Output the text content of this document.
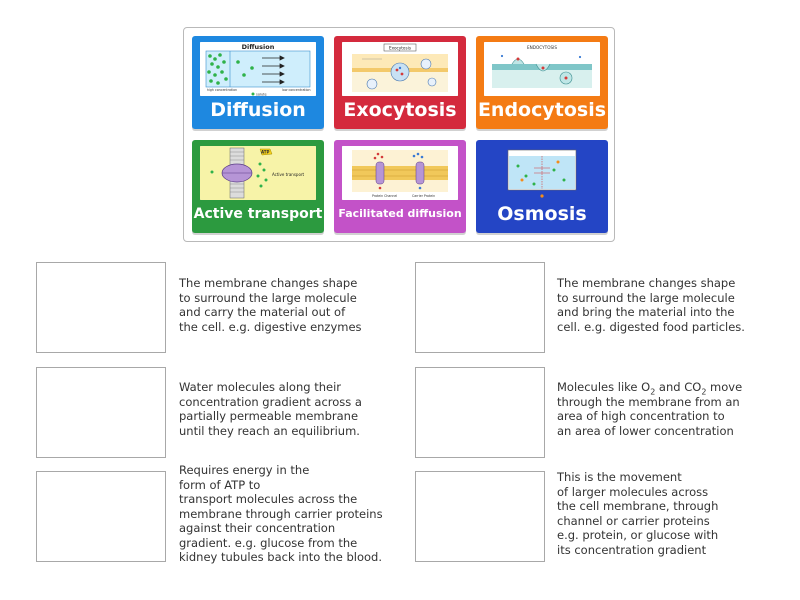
Diffusion
high concentration	low concentration
solute
Diffusion
Exocytosis
Exocytosis
ENDOCYTOSIS
Endocytosis
ATP
Active transport
Active transport
Protein Channel	Carrier Protein
Facilitated diffusion	Osmosis
The membrane changes shape
to surround the large molecule
and carry the material out of
the cell. e.g. digestive enzymes
The membrane changes shape
to surround the large molecule
and bring the material into the
cell. e.g. digested food particles.
Water molecules along their
concentration gradient across a
partially permeable membrane
until they reach an equilibrium.
Molecules like $O_2$ and $CO_2$ move
through the membrane from an
area of high concentration to
an area of lower concentration
Requires energy in the
form of ATP to
transport molecules across the
membrane through carrier proteins
against their concentration
gradient. e.g. glucose from the
kidney tubules back into the blood.
This is the movement
of larger molecules across
the cell membrane, through
channel or carrier proteins
e.g. protein, or glucose with
its concentration gradient
